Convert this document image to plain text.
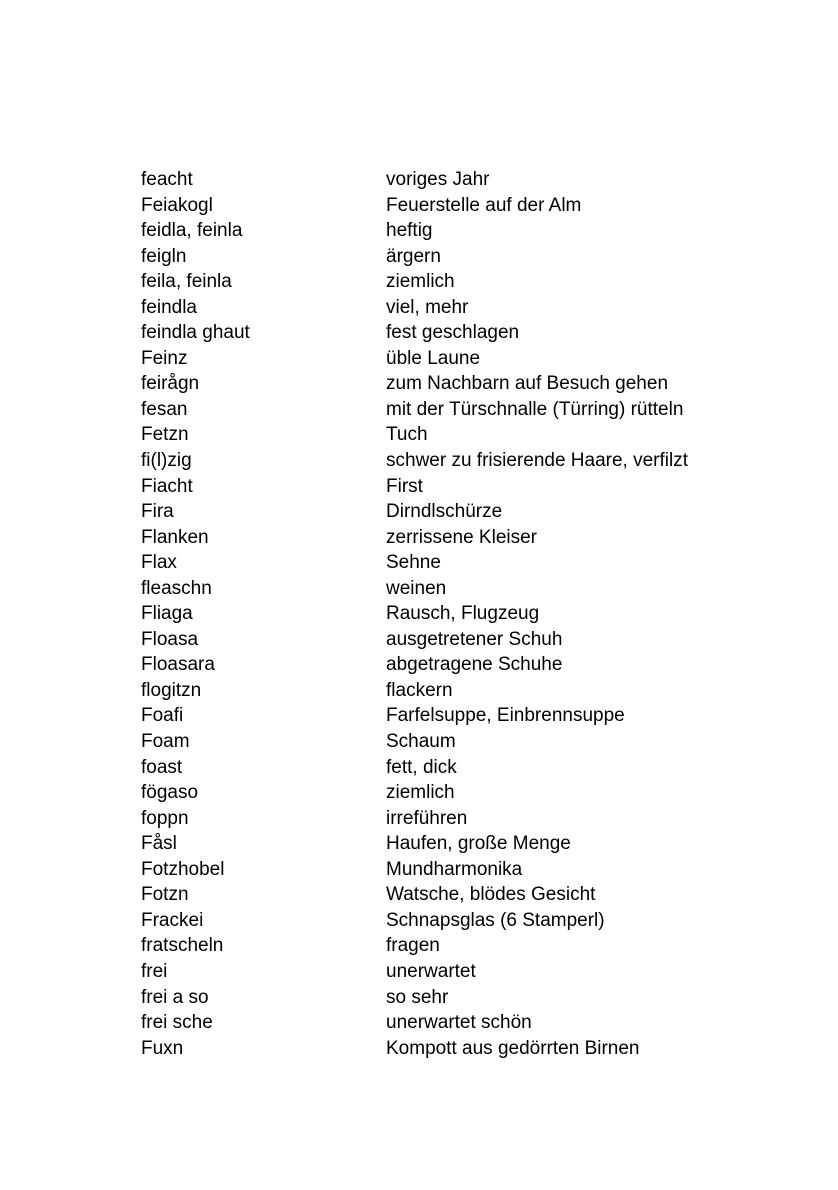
feacht	voriges Jahr
Feiakogl	Feuerstelle auf der Alm
feidla, feinla	heftig
feigln	ärgern
feila, feinla	ziemlich
feindla	viel, mehr
feindla ghaut	fest geschlagen
Feinz	üble Laune
feirågn	zum Nachbarn auf Besuch gehen
fesan	mit der Türschnalle (Türring) rütteln
Fetzn	Tuch
fi(l)zig	schwer zu frisierende Haare, verfilzt
Fiacht	First
Fira	Dirndlschürze
Flanken	zerrissene Kleiser
Flax	Sehne
fleaschn	weinen
Fliaga	Rausch, Flugzeug
Floasa	ausgetretener Schuh
Floasara	abgetragene Schuhe
flogitzn	flackern
Foafi	Farfelsuppe, Einbrennsuppe
Foam	Schaum
foast	fett, dick
fögaso	ziemlich
foppn	irreführen
Fåsl	Haufen, große Menge
Fotzhobel	Mundharmonika
Fotzn	Watsche, blödes Gesicht
Frackei	Schnapsglas (6 Stamperl)
fratscheln	fragen
frei	unerwartet
frei a so	so sehr
frei sche	unerwartet schön
Fuxn	Kompott aus gedörrten Birnen
